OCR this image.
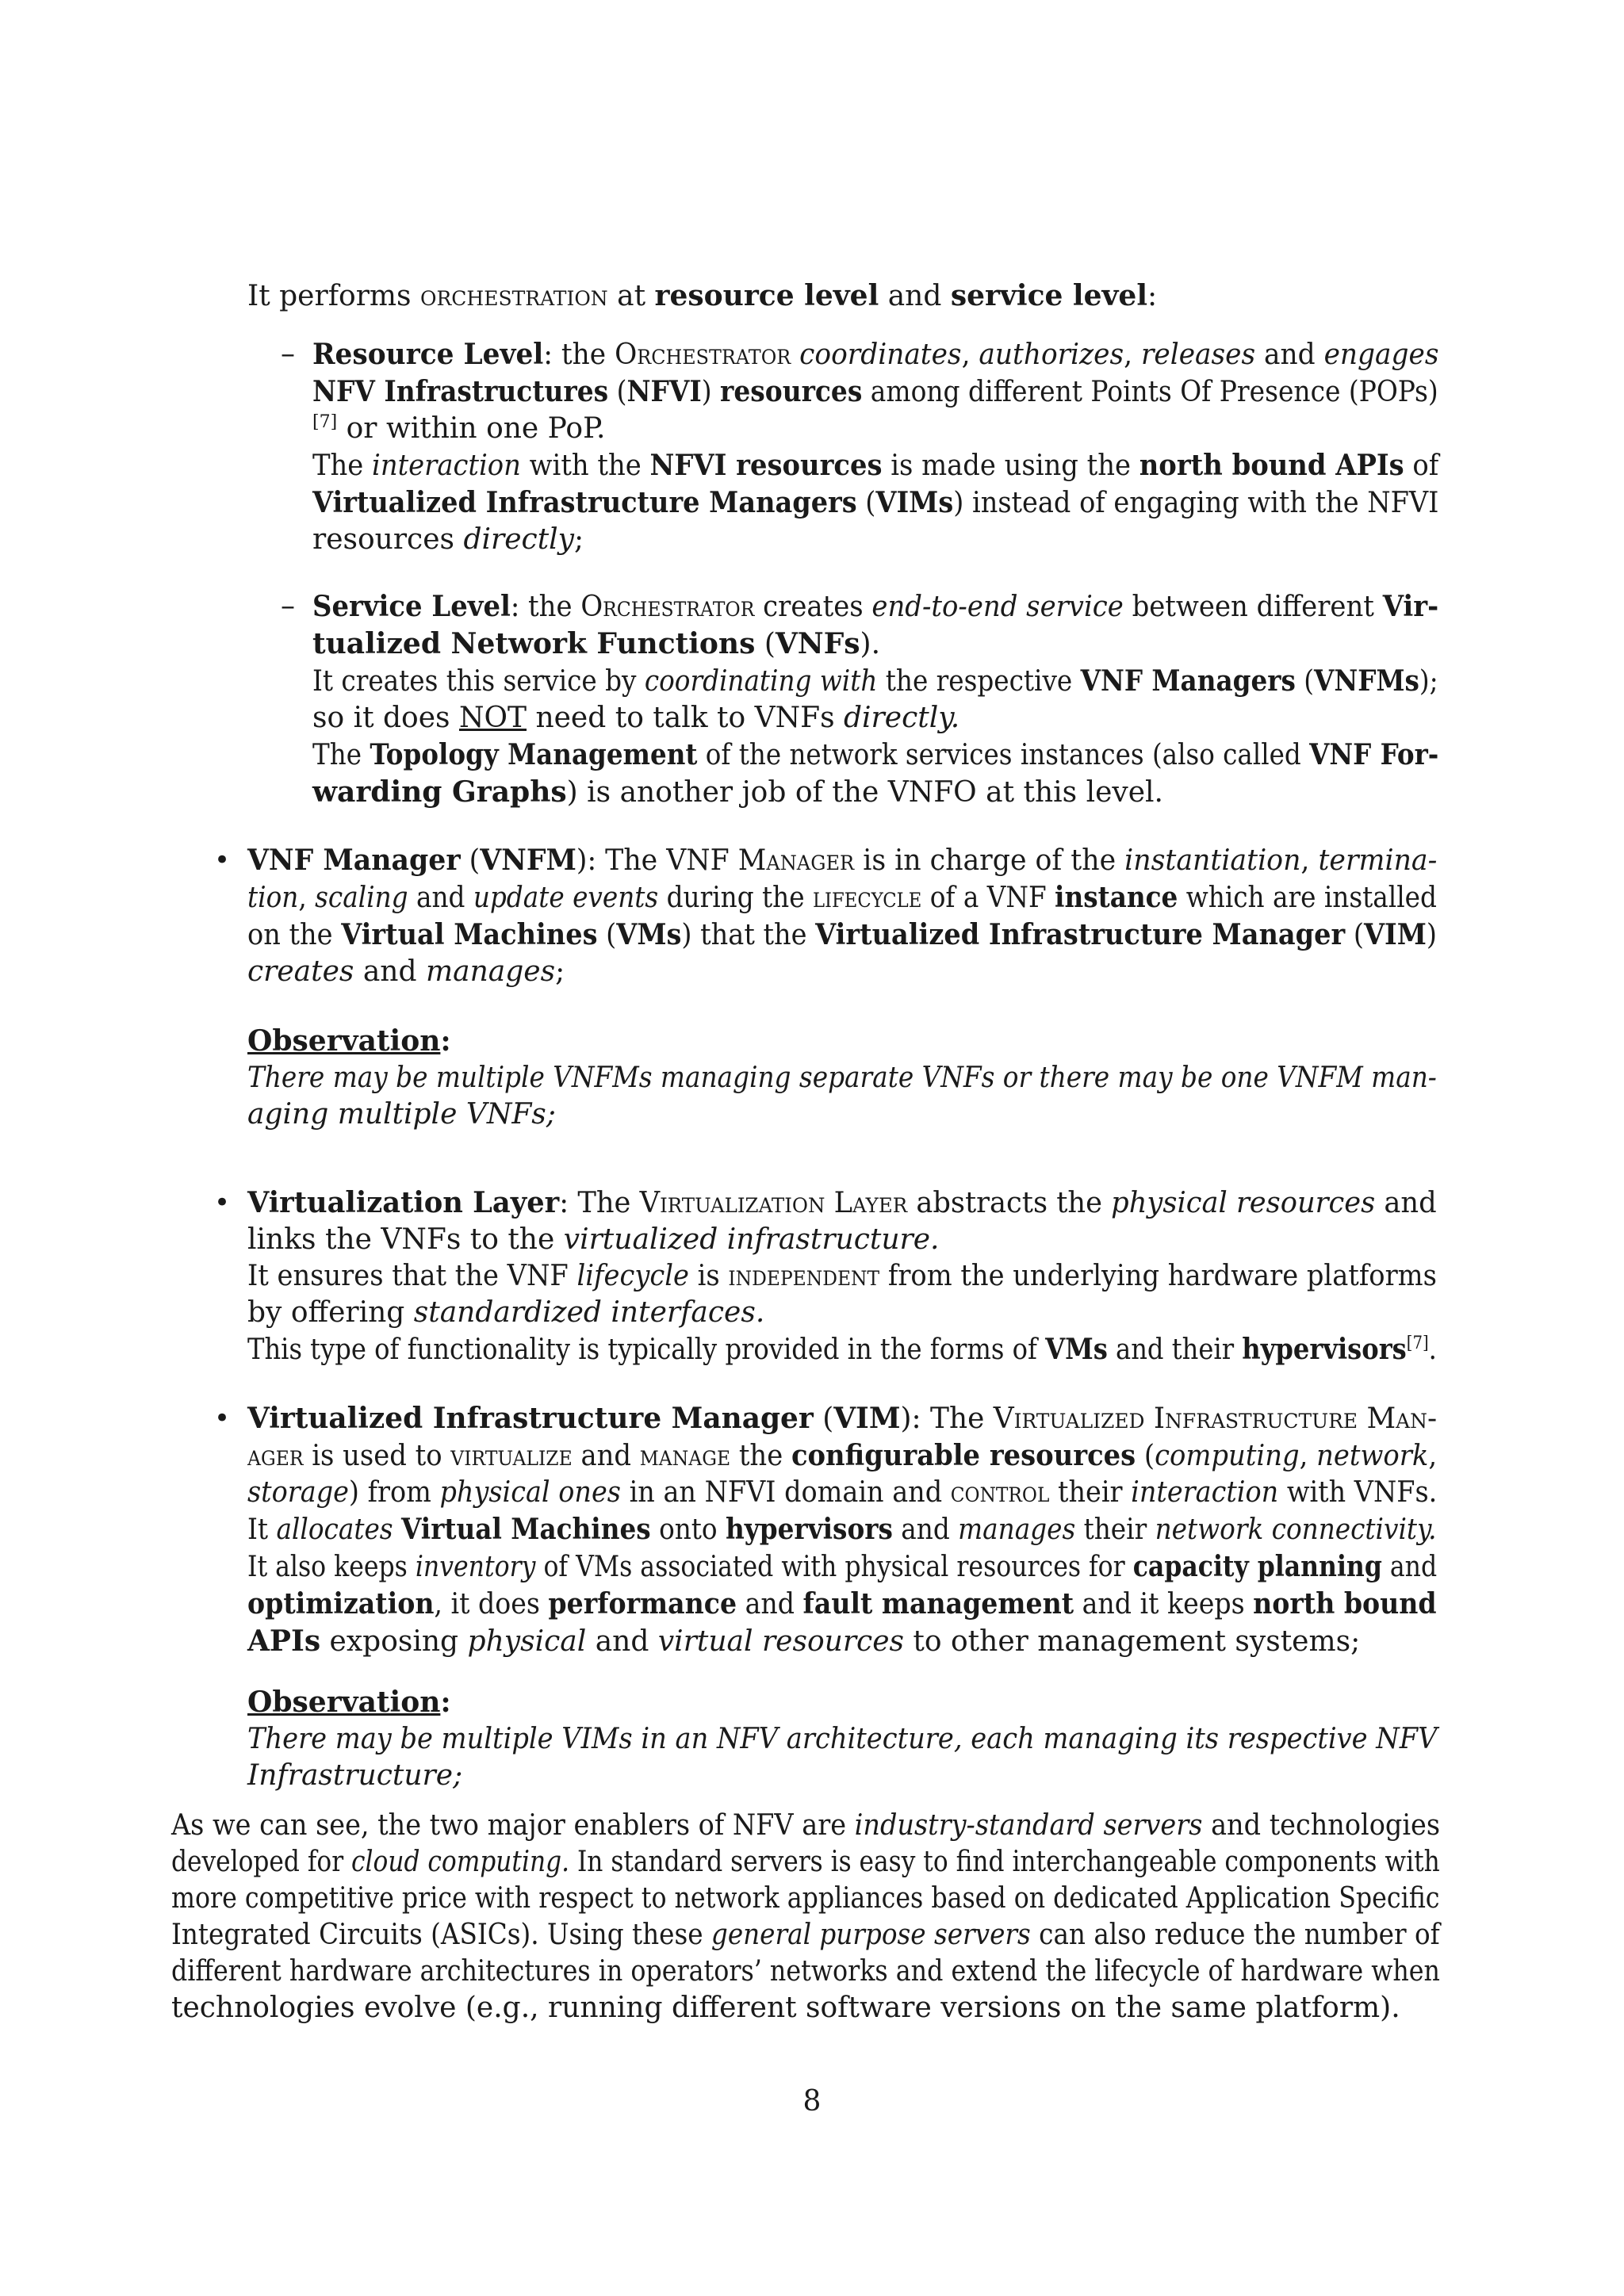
It performs orchestration at resource level and service level:

– Resource Level: the Orchestrator coordinates, authorizes, releases and engages
NFV Infrastructures (NFVI) resources among different Points Of Presence (POPs)
[7] or within one PoP.
The interaction with the NFVI resources is made using the north bound APIs of
Virtualized Infrastructure Managers (VIMs) instead of engaging with the NFVI
resources directly;
– Service Level: the Orchestrator creates end-to-end service between different Vir-
tualized Network Functions (VNFs).
It creates this service by coordinating with the respective VNF Managers (VNFMs);
so it does NOT need to talk to VNFs directly.
The Topology Management of the network services instances (also called VNF For-
warding Graphs) is another job of the VNFO at this level.
• VNF Manager (VNFM): The VNF Manager is in charge of the instantiation, termina-
tion, scaling and update events during the lifecycle of a VNF instance which are installed
on the Virtual Machines (VMs) that the Virtualized Infrastructure Manager (VIM)
creates and manages;
Observation:
There may be multiple VNFMs managing separate VNFs or there may be one VNFM man-
aging multiple VNFs;
• Virtualization Layer: The Virtualization Layer abstracts the physical resources and
links the VNFs to the virtualized infrastructure.
It ensures that the VNF lifecycle is independent from the underlying hardware platforms
by offering standardized interfaces.
This type of functionality is typically provided in the forms of VMs and their hypervisors[7].
• Virtualized Infrastructure Manager (VIM): The Virtualized Infrastructure Man-
ager is used to virtualize and manage the configurable resources (computing, network,
storage) from physical ones in an NFVI domain and control their interaction with VNFs.
It allocates Virtual Machines onto hypervisors and manages their network connectivity.
It also keeps inventory of VMs associated with physical resources for capacity planning and
optimization, it does performance and fault management and it keeps north bound
APIs exposing physical and virtual resources to other management systems;
Observation:
There may be multiple VIMs in an NFV architecture, each managing its respective NFV
Infrastructure;
As we can see, the two major enablers of NFV are industry-standard servers and technologies
developed for cloud computing. In standard servers is easy to find interchangeable components with
more competitive price with respect to network appliances based on dedicated Application Specific
Integrated Circuits (ASICs). Using these general purpose servers can also reduce the number of
different hardware architectures in operators’ networks and extend the lifecycle of hardware when
technologies evolve (e.g., running different software versions on the same platform).
8
